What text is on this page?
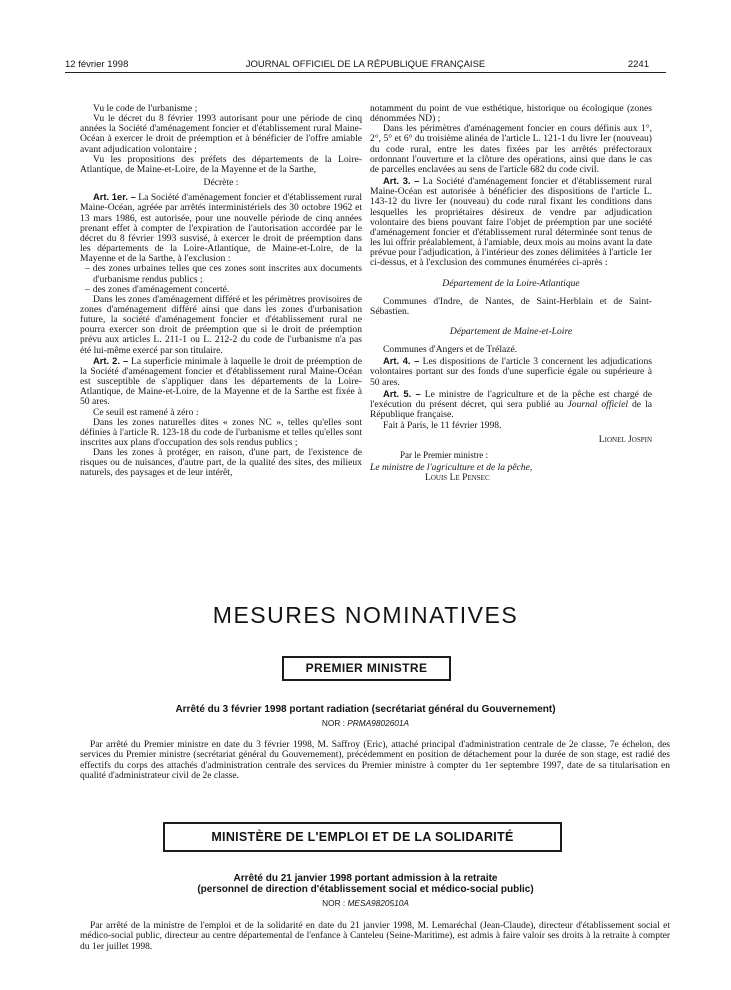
12 février 1998	JOURNAL OFFICIEL DE LA RÉPUBLIQUE FRANÇAISE	2241

Vu le code de l'urbanisme ;

Vu le décret du 8 février 1993 autorisant pour une période de cinq années la Société d'aménagement foncier et d'établissement rural Maine-Océan à exercer le droit de préemption et à bénéficier de l'offre amiable avant adjudication volontaire ;

Vu les propositions des préfets des départements de la Loire-Atlantique, de Maine-et-Loire, de la Mayenne et de la Sarthe,

Décrète :

Art. 1er. – La Société d'aménagement foncier et d'établissement rural Maine-Océan, agréée par arrêtés interministériels des 30 octobre 1962 et 13 mars 1986, est autorisée, pour une nouvelle période de cinq années prenant effet à compter de l'expiration de l'autorisation accordée par le décret du 8 février 1993 susvisé, à exercer le droit de préemption dans les départements de la Loire-Atlantique, de Maine-et-Loire, de la Mayenne et de la Sarthe, à l'exclusion :

– des zones urbaines telles que ces zones sont inscrites aux documents d'urbanisme rendus publics ;

– des zones d'aménagement concerté.

Dans les zones d'aménagement différé et les périmètres provisoires de zones d'aménagement différé ainsi que dans les zones d'urbanisation future, la société d'aménagement foncier et d'établissement rural ne pourra exercer son droit de préemption que si le droit de préemption prévu aux articles L. 211-1 ou L. 212-2 du code de l'urbanisme n'a pas été lui-même exercé par son titulaire.

Art. 2. – La superficie minimale à laquelle le droit de préemption de la Société d'aménagement foncier et d'établissement rural Maine-Océan est susceptible de s'appliquer dans les départements de la Loire-Atlantique, de Maine-et-Loire, de la Mayenne et de la Sarthe est fixée à 50 ares.

Ce seuil est ramené à zéro :

Dans les zones naturelles dites « zones NC », telles qu'elles sont définies à l'article R. 123-18 du code de l'urbanisme et telles qu'elles sont inscrites aux plans d'occupation des sols rendus publics ;

Dans les zones à protéger, en raison, d'une part, de l'existence de risques ou de nuisances, d'autre part, de la qualité des sites, des milieux naturels, des paysages et de leur intérêt,

notamment du point de vue esthétique, historique ou écologique (zones dénommées ND) ;

Dans les périmètres d'aménagement foncier en cours définis aux 1°, 2°, 5° et 6° du troisième alinéa de l'article L. 121-1 du livre Ier (nouveau) du code rural, entre les dates fixées par les arrêtés préfectoraux ordonnant l'ouverture et la clôture des opérations, ainsi que dans le cas de parcelles enclavées au sens de l'article 682 du code civil.

Art. 3. – La Société d'aménagement foncier et d'établissement rural Maine-Océan est autorisée à bénéficier des dispositions de l'article L. 143-12 du livre Ier (nouveau) du code rural fixant les conditions dans lesquelles les propriétaires désireux de vendre par adjudication volontaire des biens pouvant faire l'objet de préemption par une société d'aménagement foncier et d'établissement rural déterminée sont tenus de les lui offrir préalablement, à l'amiable, deux mois au moins avant la date prévue pour l'adjudication, à l'intérieur des zones délimitées à l'article 1er ci-dessus, et à l'exclusion des communes énumérées ci-après :

Département de la Loire-Atlantique

Communes d'Indre, de Nantes, de Saint-Herblain et de Saint-Sébastien.

Département de Maine-et-Loire

Communes d'Angers et de Trélazé.

Art. 4. – Les dispositions de l'article 3 concernent les adjudications volontaires portant sur des fonds d'une superficie égale ou supérieure à 50 ares.

Art. 5. – Le ministre de l'agriculture et de la pêche est chargé de l'exécution du présent décret, qui sera publié au Journal officiel de la République française.

Fait à Paris, le 11 février 1998.

Lionel Jospin

Par le Premier ministre :

Le ministre de l'agriculture et de la pêche,

Louis Le Pensec

MESURES NOMINATIVES
PREMIER MINISTRE
Arrêté du 3 février 1998 portant radiation (secrétariat général du Gouvernement)
NOR : PRMA9802601A
Par arrêté du Premier ministre en date du 3 février 1998, M. Saffroy (Eric), attaché principal d'administration centrale de 2e classe, 7e échelon, des services du Premier ministre (secrétariat général du Gouvernement), précédemment en position de détachement pour la durée de son stage, est radié des effectifs du corps des attachés d'administration centrale des services du Premier ministre à compter du 1er septembre 1997, date de sa titularisation en qualité d'administrateur civil de 2e classe.
MINISTÈRE DE L'EMPLOI ET DE LA SOLIDARITÉ
Arrêté du 21 janvier 1998 portant admission à la retraite
(personnel de direction d'établissement social et médico-social public)
NOR : MESA9820510A
Par arrêté de la ministre de l'emploi et de la solidarité en date du 21 janvier 1998, M. Lemaréchal (Jean-Claude), directeur d'établissement social et médico-social public, directeur au centre départemental de l'enfance à Canteleu (Seine-Maritime), est admis à faire valoir ses droits à la retraite à compter du 1er juillet 1998.
